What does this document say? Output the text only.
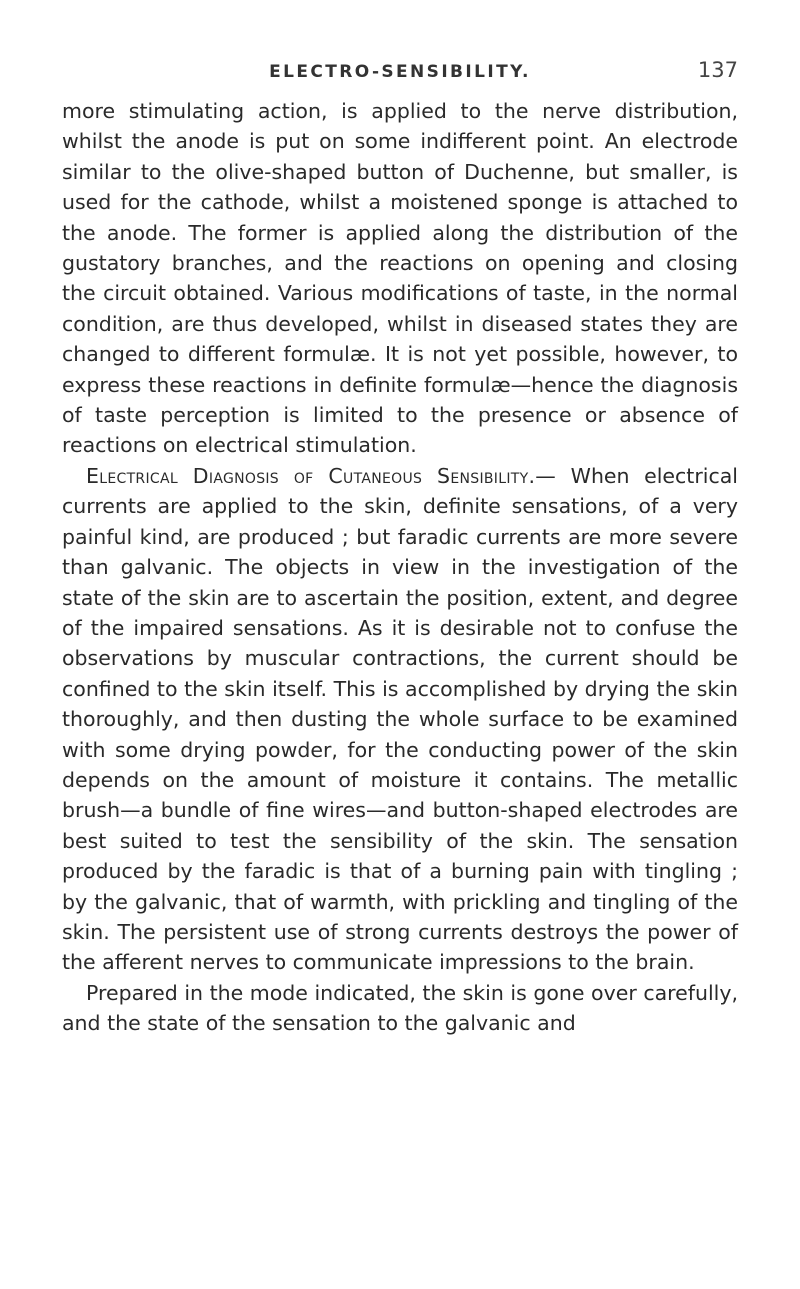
ELECTRO-SENSIBILITY.	137

more stimulating action, is applied to the nerve distribution, whilst the anode is put on some indifferent point. An electrode similar to the olive-shaped button of Duchenne, but smaller, is used for the cathode, whilst a moistened sponge is attached to the anode. The former is applied along the distribution of the gustatory branches, and the reactions on opening and closing the circuit obtained. Various modifications of taste, in the normal condition, are thus developed, whilst in diseased states they are changed to different formulæ. It is not yet possible, however, to express these reactions in definite formulæ—hence the diagnosis of taste perception is limited to the presence or absence of reactions on electrical stimulation.

Electrical Diagnosis of Cutaneous Sensibility.— When electrical currents are applied to the skin, definite sensations, of a very painful kind, are produced ; but faradic currents are more severe than galvanic. The objects in view in the investigation of the state of the skin are to ascertain the position, extent, and degree of the impaired sensations. As it is desirable not to confuse the observations by muscular contractions, the current should be confined to the skin itself. This is accomplished by drying the skin thoroughly, and then dusting the whole surface to be examined with some drying powder, for the conducting power of the skin depends on the amount of moisture it contains. The metallic brush—a bundle of fine wires—and button-shaped electrodes are best suited to test the sensibility of the skin. The sensation produced by the faradic is that of a burning pain with tingling ; by the galvanic, that of warmth, with prickling and tingling of the skin. The persistent use of strong currents destroys the power of the afferent nerves to communicate impressions to the brain.

Prepared in the mode indicated, the skin is gone over carefully, and the state of the sensation to the galvanic and
